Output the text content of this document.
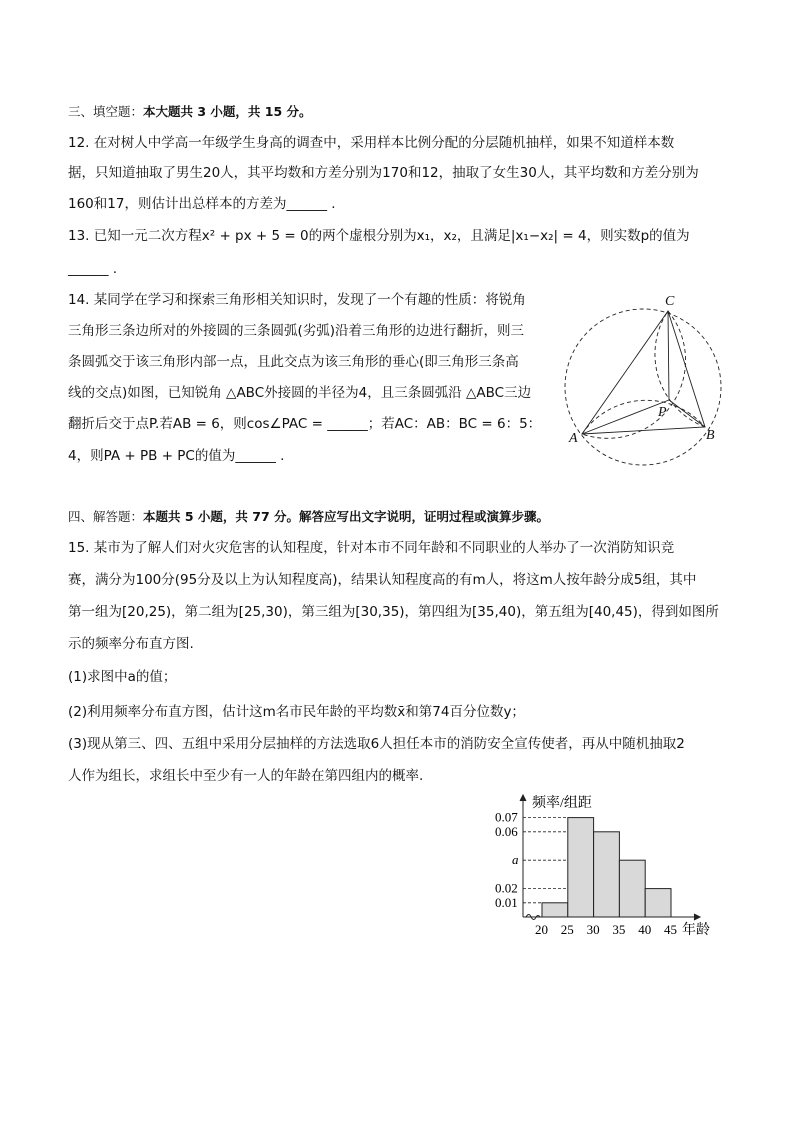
三、填空题：本大题共 3 小题，共 15 分。
12. 在对树人中学高一年级学生身高的调查中，采用样本比例分配的分层随机抽样，如果不知道样本数
据，只知道抽取了男生20人，其平均数和方差分别为170和12，抽取了女生30人，其平均数和方差分别为
160和17，则估计出总样本的方差为______ .
13. 已知一元二次方程x² + px + 5 = 0的两个虚根分别为x₁，x₂，且满足|x₁−x₂| = 4，则实数p的值为
______ .
14. 某同学在学习和探索三角形相关知识时，发现了一个有趣的性质：将锐角
三角形三条边所对的外接圆的三条圆弧(劣弧)沿着三角形的边进行翻折，则三
条圆弧交于该三角形内部一点，且此交点为该三角形的垂心(即三角形三条高
线的交点)如图，已知锐角 △ABC外接圆的半径为4，且三条圆弧沿 △ABC三边
翻折后交于点P.若AB = 6，则cos∠PAC = ______；若AC：AB：BC = 6：5：
4，则PA + PB + PC的值为______ .
C
A	B
P
四、解答题：本题共 5 小题，共 77 分。解答应写出文字说明，证明过程或演算步骤。
15. 某市为了解人们对火灾危害的认知程度，针对本市不同年龄和不同职业的人举办了一次消防知识竞
赛，满分为100分(95分及以上为认知程度高)，结果认知程度高的有m人，将这m人按年龄分成5组，其中
第一组为[20,25)，第二组为[25,30)，第三组为[30,35)，第四组为[35,40)，第五组为[40,45)，得到如图所
示的频率分布直方图.
(1)求图中a的值；
(2)利用频率分布直方图，估计这m名市民年龄的平均数x̄和第74百分位数y；
(3)现从第三、四、五组中采用分层抽样的方法选取6人担任本市的消防安全宣传使者，再从中随机抽取2
人作为组长，求组长中至少有一人的年龄在第四组内的概率.
频率/组距
年龄
0.01
0.07
0.06
a
0.02
20 25 30 35 40 45
